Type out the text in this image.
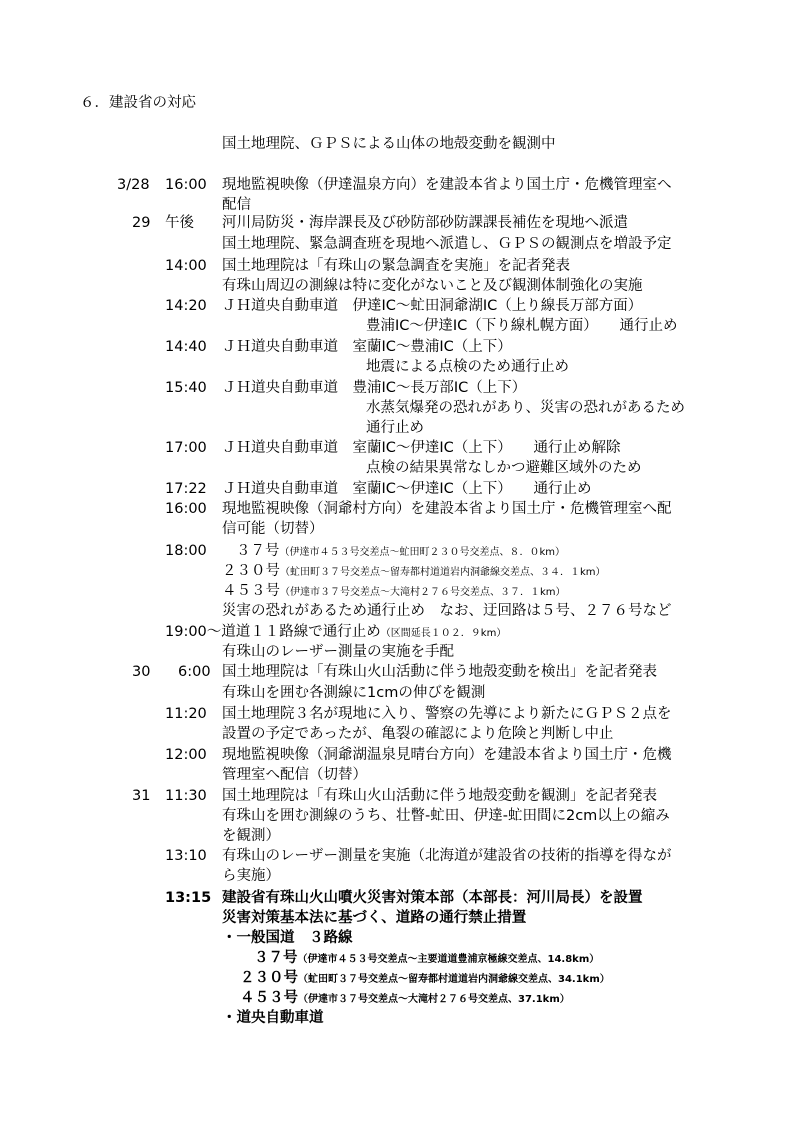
６．建設省の対応
国土地理院、ＧＰＳによる山体の地殻変動を観測中
3/28 16:00 現地監視映像（伊達温泉方向）を建設本省より国土庁・危機管理室へ
配信
29 午後 河川局防災・海岸課長及び砂防部砂防課課長補佐を現地へ派遣
国土地理院、緊急調査班を現地へ派遣し、ＧＰＳの観測点を増設予定
14:00 国土地理院は「有珠山の緊急調査を実施」を記者発表
有珠山周辺の測線は特に変化がないこと及び観測体制強化の実施
14:20 ＪＨ道央自動車道　伊達IC～虻田洞爺湖IC（上り線長万部方面）
豊浦IC～伊達IC（下り線札幌方面）　　通行止め
14:40 ＪＨ道央自動車道　室蘭IC～豊浦IC（上下）
地震による点検のため通行止め
15:40 ＪＨ道央自動車道　豊浦IC～長万部IC（上下）
水蒸気爆発の恐れがあり、災害の恐れがあるため
通行止め
17:00 ＪＨ道央自動車道　室蘭IC～伊達IC（上下）　　通行止め解除
点検の結果異常なしかつ避難区域外のため
17:22 ＪＨ道央自動車道　室蘭IC～伊達IC（上下）　　通行止め
16:00 現地監視映像（洞爺村方向）を建設本省より国土庁・危機管理室へ配
信可能（切替）
18:00 ３７号（伊達市４５３号交差点～虻田町２３０号交差点、８．０km）
２３０号（虻田町３７号交差点～留寿都村道道岩内洞爺線交差点、３４．１km）
４５３号（伊達市３７号交差点～大滝村２７６号交差点、３７．１km）
災害の恐れがあるため通行止め　なお、迂回路は５号、２７６号など
19:00～道道１１路線で通行止め（区間延長１０２．９km）
有珠山のレーザー測量の実施を手配
30 6:00 国土地理院は「有珠山火山活動に伴う地殻変動を検出」を記者発表
有珠山を囲む各測線に1cmの伸びを観測
11:20 国土地理院３名が現地に入り、警察の先導により新たにＧＰＳ２点を
設置の予定であったが、亀裂の確認により危険と判断し中止
12:00 現地監視映像（洞爺湖温泉見晴台方向）を建設本省より国土庁・危機
管理室へ配信（切替）
31 11:30 国土地理院は「有珠山火山活動に伴う地殻変動を観測」を記者発表
有珠山を囲む測線のうち、壮瞥-虻田、伊達-虻田間に2cm以上の縮み
を観測）
13:10 有珠山のレーザー測量を実施（北海道が建設省の技術的指導を得なが
ら実施）
13:15 建設省有珠山火山噴火災害対策本部（本部長：河川局長）を設置
災害対策基本法に基づく、道路の通行禁止措置
・一般国道　３路線
３７号（伊達市４５３号交差点～主要道道豊浦京極線交差点、14.8km）
２３０号（虻田町３７号交差点～留寿都村道道岩内洞爺線交差点、34.1km）
４５３号（伊達市３７号交差点～大滝村２７６号交差点、37.1km）
・道央自動車道
